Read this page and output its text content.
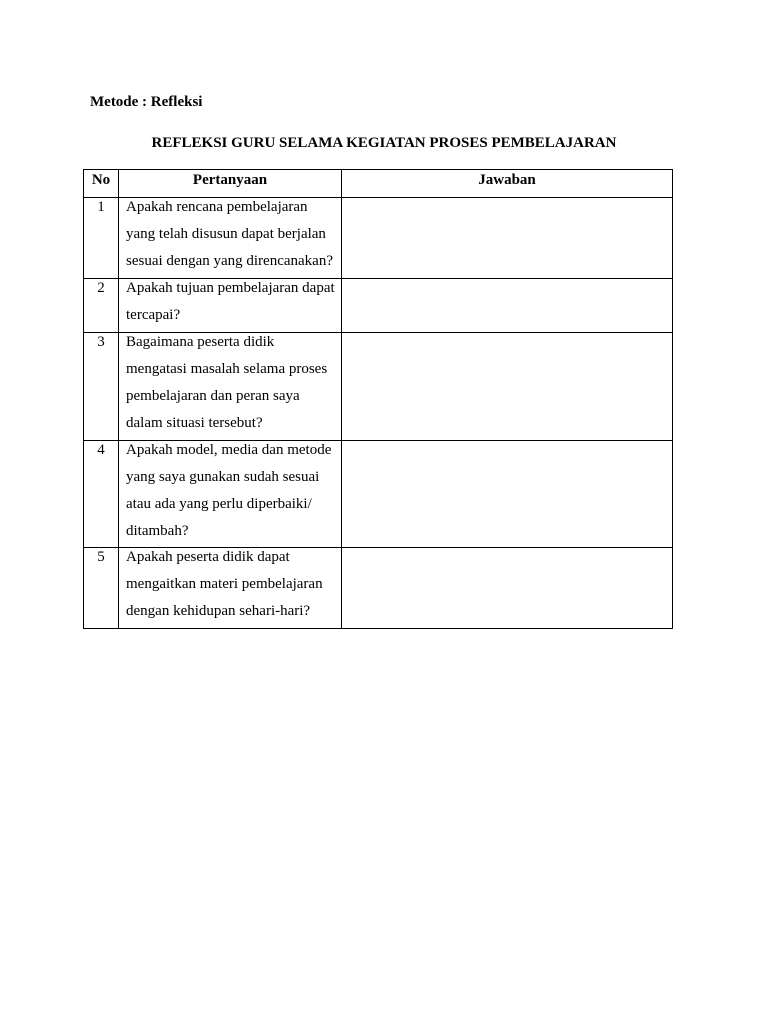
Metode : Refleksi
REFLEKSI GURU SELAMA KEGIATAN PROSES PEMBELAJARAN
No	Pertanyaan	Jawaban
1	Apakah rencana pembelajaran yang telah disusun dapat berjalan sesuai dengan yang direncanakan?	

2	Apakah tujuan pembelajaran dapat tercapai?	

3	Bagaimana peserta didik mengatasi masalah selama proses pembelajaran dan peran saya dalam situasi tersebut?	

4	Apakah model, media dan metode yang saya gunakan sudah sesuai atau ada yang perlu diperbaiki/ ditambah?	

5	Apakah peserta didik dapat mengaitkan materi pembelajaran dengan kehidupan sehari-hari?	
